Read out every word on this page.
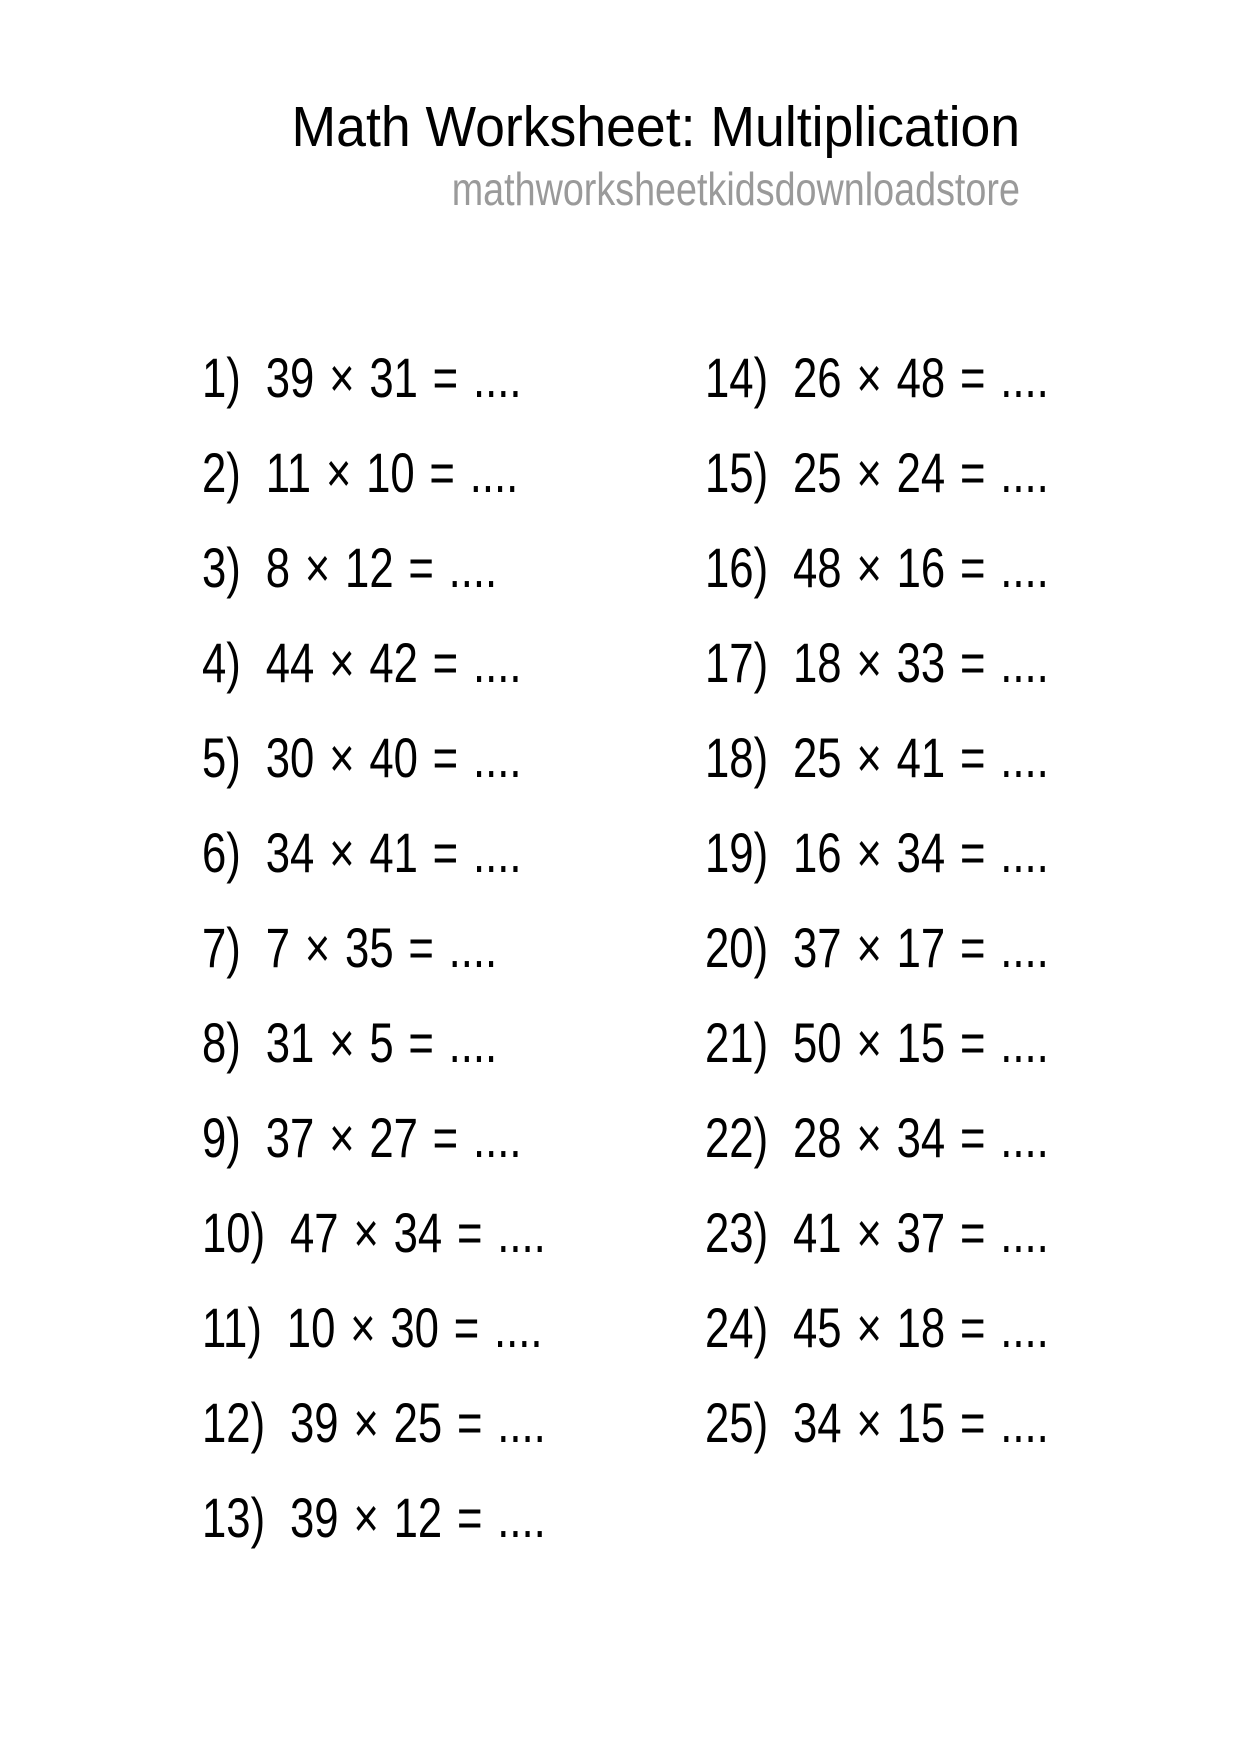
Math Worksheet: Multiplication
mathworksheetkidsdownloadstore
1) 39 × 31 = ....
2) 11 × 10 = ....
3) 8 × 12 = ....
4) 44 × 42 = ....
5) 30 × 40 = ....
6) 34 × 41 = ....
7) 7 × 35 = ....
8) 31 × 5 = ....
9) 37 × 27 = ....
10) 47 × 34 = ....
11) 10 × 30 = ....
12) 39 × 25 = ....
13) 39 × 12 = ....
14) 26 × 48 = ....
15) 25 × 24 = ....
16) 48 × 16 = ....
17) 18 × 33 = ....
18) 25 × 41 = ....
19) 16 × 34 = ....
20) 37 × 17 = ....
21) 50 × 15 = ....
22) 28 × 34 = ....
23) 41 × 37 = ....
24) 45 × 18 = ....
25) 34 × 15 = ....
